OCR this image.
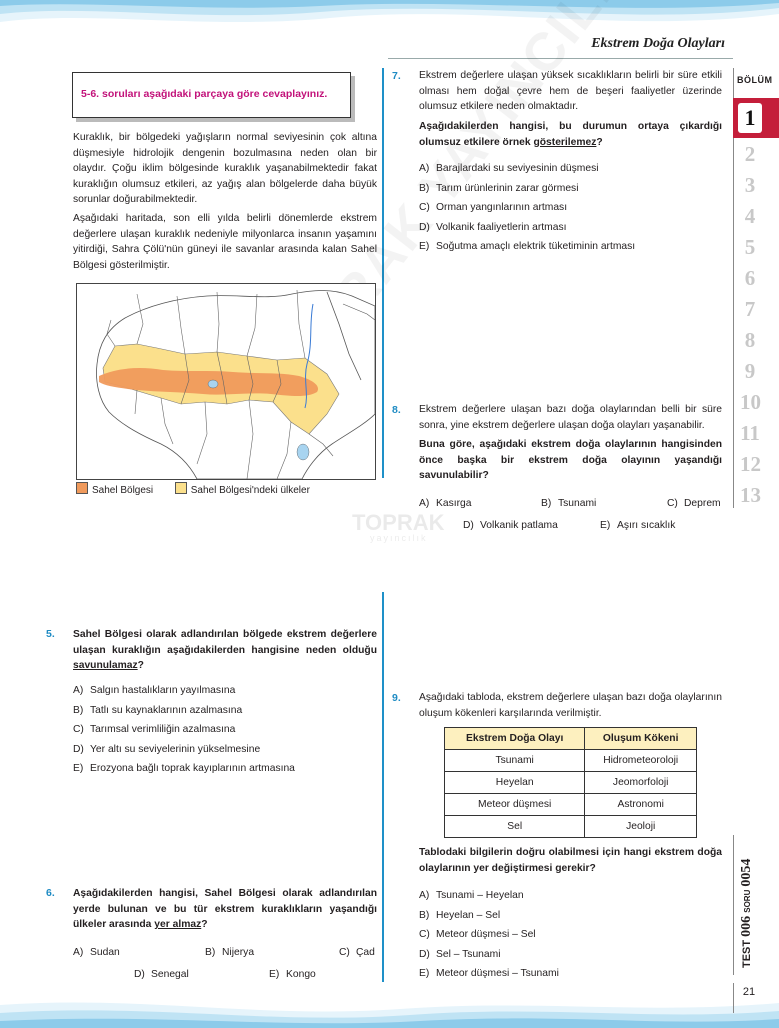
Ekstrem Doğa Olayları
TOPRAK
yayıncılık
5-6. soruları aşağıdaki parçaya göre cevaplayınız.
Kuraklık, bir bölgedeki yağışların normal seviyesinin çok altına düşmesiyle hidrolojik dengenin bozulmasına neden olan bir olaydır. Çoğu iklim bölgesinde kuraklık yaşanabilmektedir fakat kuraklığın olumsuz etkileri, az yağış alan bölgelerde daha büyük sorunlar doğurabilmektedir.
Aşağıdaki haritada, son elli yılda belirli dönemlerde ekstrem değerlere ulaşan kuraklık nedeniyle milyonlarca insanın yaşamını yitirdiği, Sahra Çölü'nün güneyi ile savanlar arasında kalan Sahel Bölgesi gösterilmiştir.
Sahel Bölgesi	Sahel Bölgesi'ndeki ülkeler
5. Sahel Bölgesi olarak adlandırılan bölgede ekstrem değerlere ulaşan kuraklığın aşağıdakilerden hangisine neden olduğu savunulamaz?
A) Salgın hastalıkların yayılmasına
B) Tatlı su kaynaklarının azalmasına
C) Tarımsal verimliliğin azalmasına
D) Yer altı su seviyelerinin yükselmesine
E) Erozyona bağlı toprak kayıplarının artmasına
6. Aşağıdakilerden hangisi, Sahel Bölgesi olarak adlandırılan yerde bulunan ve bu tür ekstrem kuraklıkların yaşandığı ülkeler arasında yer almaz?
A) Sudan	B) Nijerya	C) Çad
D) Senegal	E) Kongo
7. Ekstrem değerlere ulaşan yüksek sıcaklıkların belirli bir süre etkili olması hem doğal çevre hem de beşeri faaliyetler üzerinde olumsuz etkilere neden olmaktadır.
Aşağıdakilerden hangisi, bu durumun ortaya çıkardığı olumsuz etkilere örnek gösterilemez?
A) Barajlardaki su seviyesinin düşmesi
B) Tarım ürünlerinin zarar görmesi
C) Orman yangınlarının artması
D) Volkanik faaliyetlerin artması
E) Soğutma amaçlı elektrik tüketiminin artması
8. Ekstrem değerlere ulaşan bazı doğa olaylarından belli bir süre sonra, yine ekstrem değerlere ulaşan doğa olayları yaşanabilir.
Buna göre, aşağıdaki ekstrem doğa olaylarının hangisinden önce başka bir ekstrem doğa olayının yaşandığı savunulabilir?
A) Kasırga	B) Tsunami	C) Deprem
D) Volkanik patlama	E) Aşırı sıcaklık
9. Aşağıdaki tabloda, ekstrem değerlere ulaşan bazı doğa olaylarının oluşum kökenleri karşılarında verilmiştir.
Ekstrem Doğa Olayı	Oluşum Kökeni
Tsunami	Hidrometeoroloji
Heyelan	Jeomorfoloji
Meteor düşmesi	Astronomi
Sel	Jeoloji
Tablodaki bilgilerin doğru olabilmesi için hangi ekstrem doğa olaylarının yer değiştirmesi gerekir?
A) Tsunami – Heyelan
B) Heyelan – Sel
C) Meteor düşmesi – Sel
D) Sel – Tsunami
E) Meteor düşmesi – Tsunami
BÖLÜM
1
2
3
4
5
6
7
8
9
10
11
12
13
TEST 006 SORU 0054
21
